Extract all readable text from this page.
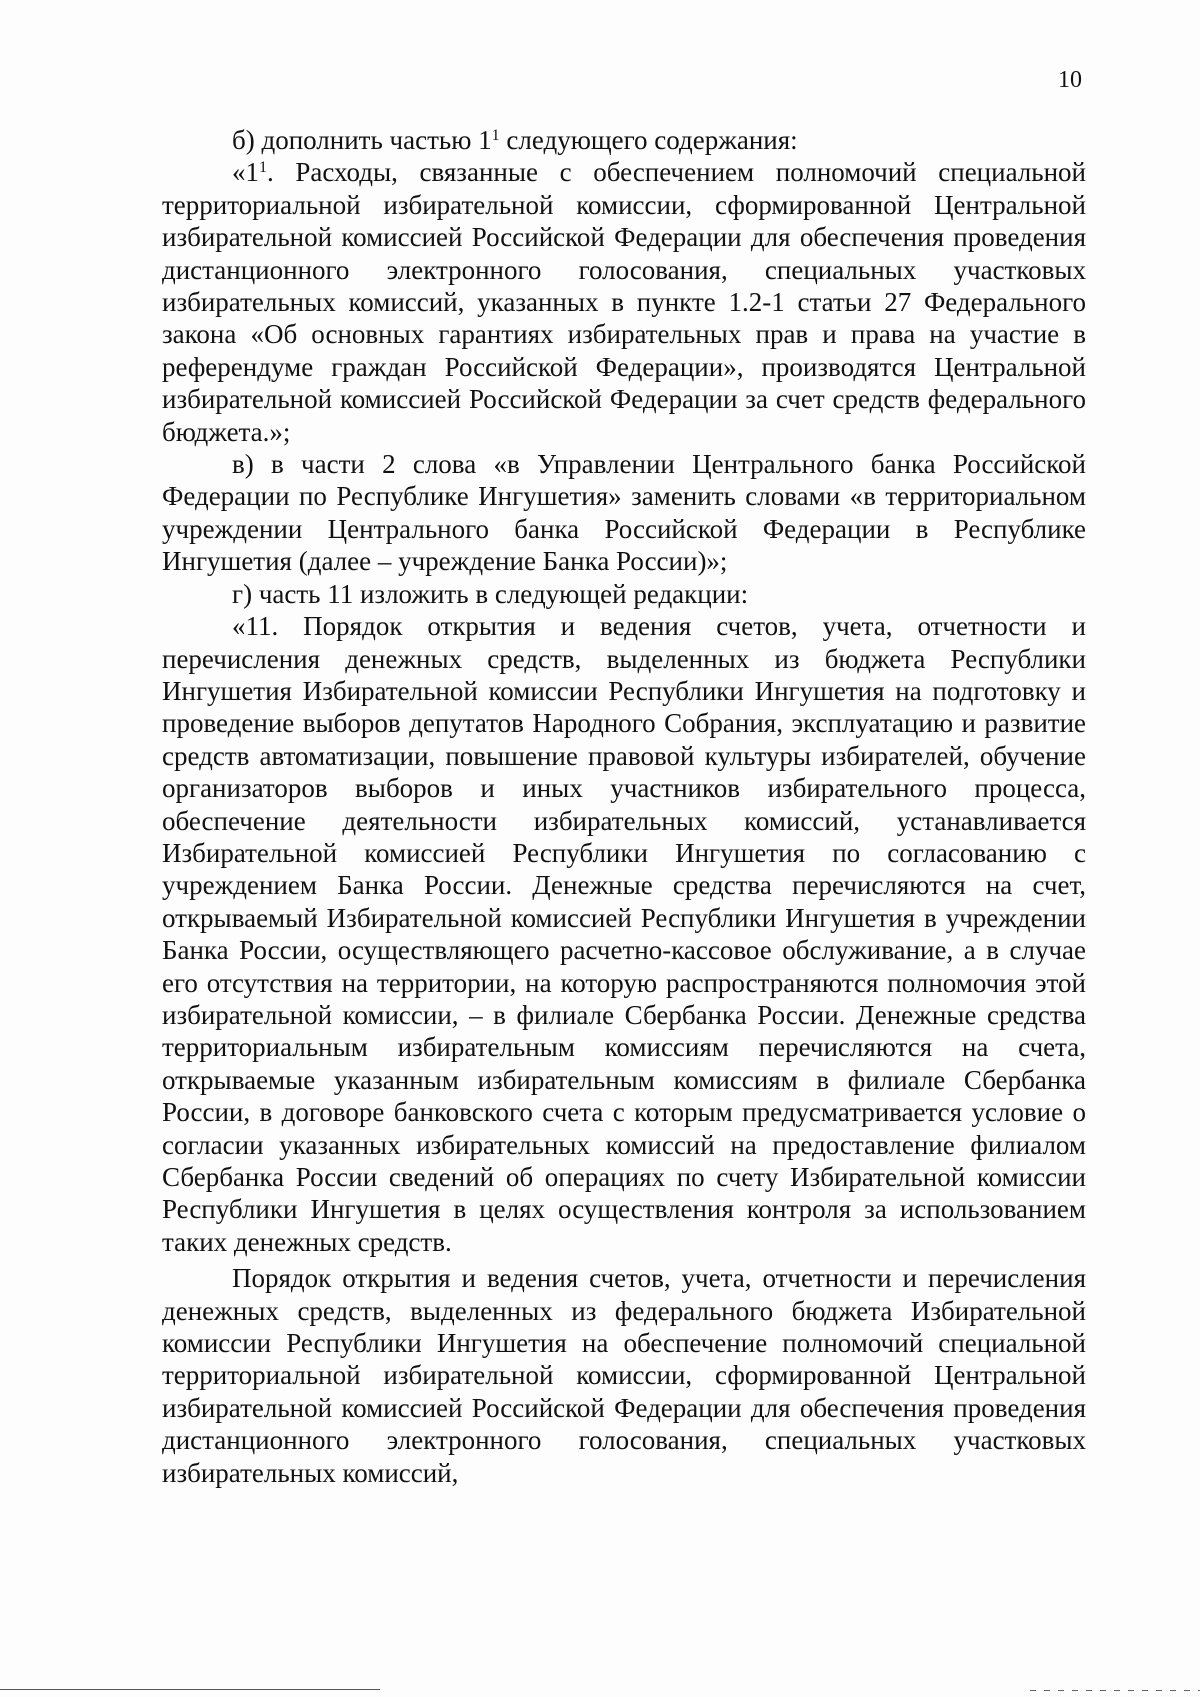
10

б) дополнить частью $1^1$ следующего содержания:

«$1^1$. Расходы, связанные с обеспечением полномочий специальной территориальной избирательной комиссии, сформированной Центральной избирательной комиссией Российской Федерации для обеспечения проведения дистанционного электронного голосования, специальных участковых избирательных комиссий, указанных в пункте 1.2-1 статьи 27 Федерального закона «Об основных гарантиях избирательных прав и права на участие в референдуме граждан Российской Федерации», производятся Центральной избирательной комиссией Российской Федерации за счет средств федерального бюджета.»;

в) в части 2 слова «в Управлении Центрального банка Российской Федерации по Республике Ингушетия» заменить словами «в территориальном учреждении Центрального банка Российской Федерации в Республике Ингушетия (далее – учреждение Банка России)»;

г) часть 11 изложить в следующей редакции:

«11. Порядок открытия и ведения счетов, учета, отчетности и перечисления денежных средств, выделенных из бюджета Республики Ингушетия Избирательной комиссии Республики Ингушетия на подготовку и проведение выборов депутатов Народного Собрания, эксплуатацию и развитие средств автоматизации, повышение правовой культуры избирателей, обучение организаторов выборов и иных участников избирательного процесса, обеспечение деятельности избирательных комиссий, устанавливается Избирательной комиссией Республики Ингушетия по согласованию с учреждением Банка России. Денежные средства перечисляются на счет, открываемый Избирательной комиссией Республики Ингушетия в учреждении Банка России, осуществляющего расчетно-кассовое обслуживание, а в случае его отсутствия на территории, на которую распространяются полномочия этой избирательной комиссии, – в филиале Сбербанка России. Денежные средства территориальным избирательным комиссиям перечисляются на счета, открываемые указанным избирательным комиссиям в филиале Сбербанка России, в договоре банковского счета с которым предусматривается условие о согласии указанных избирательных комиссий на предоставление филиалом Сбербанка России сведений об операциях по счету Избирательной комиссии Республики Ингушетия в целях осуществления контроля за использованием таких денежных средств.

Порядок открытия и ведения счетов, учета, отчетности и перечисления денежных средств, выделенных из федерального бюджета Избирательной комиссии Республики Ингушетия на обеспечение полномочий специальной территориальной избирательной комиссии, сформированной Центральной избирательной комиссией Российской Федерации для обеспечения проведения дистанционного электронного голосования, специальных участковых избирательных комиссий,
